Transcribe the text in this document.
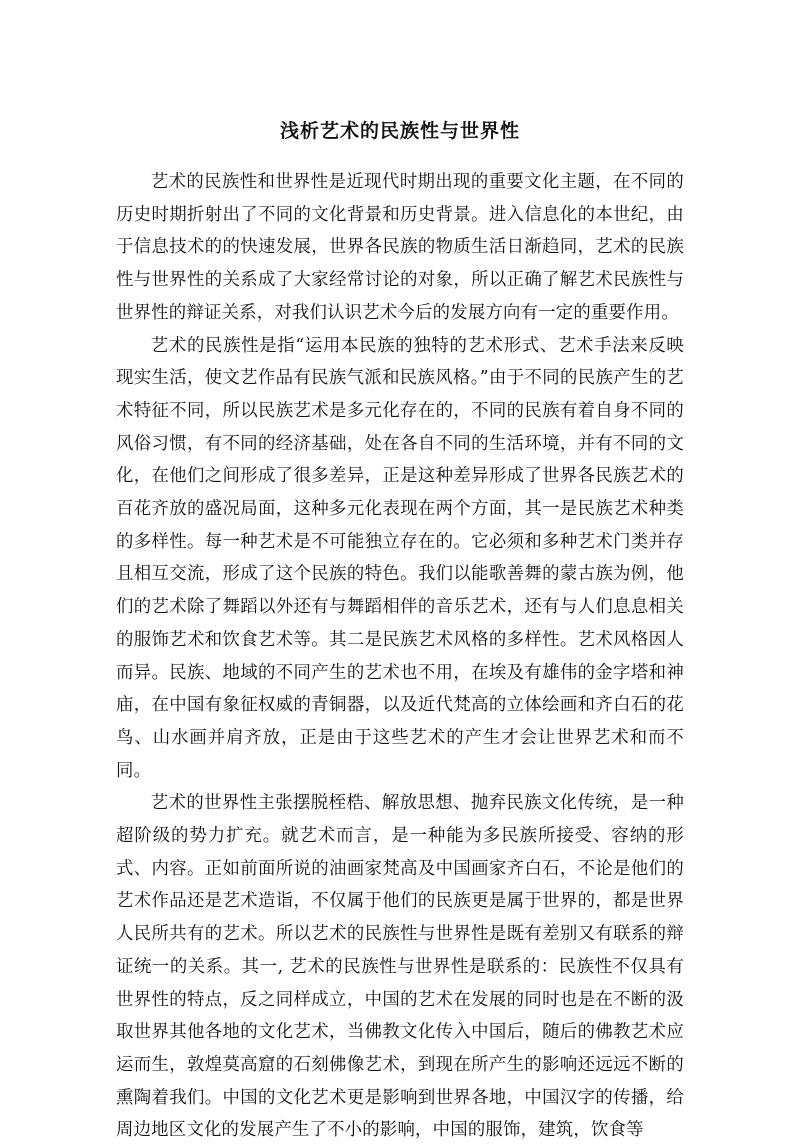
浅析艺术的民族性与世界性

艺术的民族性和世界性是近现代时期出现的重要文化主题，在不同的历史时期折射出了不同的文化背景和历史背景。进入信息化的本世纪，由于信息技术的的快速发展，世界各民族的物质生活日渐趋同，艺术的民族性与世界性的关系成了大家经常讨论的对象，所以正确了解艺术民族性与世界性的辩证关系，对我们认识艺术今后的发展方向有一定的重要作用。

艺术的民族性是指“运用本民族的独特的艺术形式、艺术手法来反映现实生活，使文艺作品有民族气派和民族风格。”由于不同的民族产生的艺术特征不同，所以民族艺术是多元化存在的，不同的民族有着自身不同的风俗习惯，有不同的经济基础，处在各自不同的生活环境，并有不同的文化，在他们之间形成了很多差异，正是这种差异形成了世界各民族艺术的百花齐放的盛况局面，这种多元化表现在两个方面，其一是民族艺术种类的多样性。每一种艺术是不可能独立存在的。它必须和多种艺术门类并存且相互交流，形成了这个民族的特色。我们以能歌善舞的蒙古族为例，他们的艺术除了舞蹈以外还有与舞蹈相伴的音乐艺术，还有与人们息息相关的服饰艺术和饮食艺术等。其二是民族艺术风格的多样性。艺术风格因人而异。民族、地域的不同产生的艺术也不用，在埃及有雄伟的金字塔和神庙，在中国有象征权威的青铜器，以及近代梵高的立体绘画和齐白石的花鸟、山水画并肩齐放，正是由于这些艺术的产生才会让世界艺术和而不同。

艺术的世界性主张摆脱桎梏、解放思想、抛弃民族文化传统，是一种超阶级的势力扩充。就艺术而言，是一种能为多民族所接受、容纳的形式、内容。正如前面所说的油画家梵高及中国画家齐白石，不论是他们的艺术作品还是艺术造诣，不仅属于他们的民族更是属于世界的，都是世界人民所共有的艺术。所以艺术的民族性与世界性是既有差别又有联系的辩证统一的关系。其一, 艺术的民族性与世界性是联系的：民族性不仅具有世界性的特点，反之同样成立，中国的艺术在发展的同时也是在不断的汲取世界其他各地的文化艺术，当佛教文化传入中国后，随后的佛教艺术应运而生，敦煌莫高窟的石刻佛像艺术，到现在所产生的影响还远远不断的熏陶着我们。中国的文化艺术更是影响到世界各地，中国汉字的传播，给周边地区文化的发展产生了不小的影响，中国的服饰，建筑，饮食等
